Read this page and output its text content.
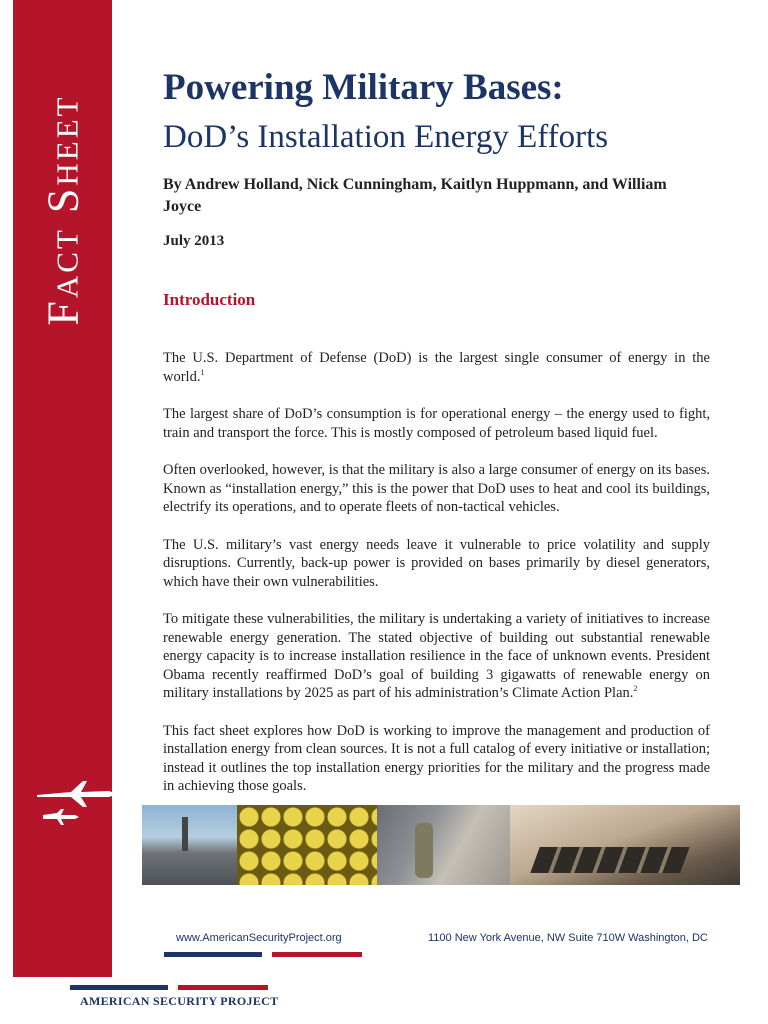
Fact Sheet
Powering Military Bases:
DoD’s Installation Energy Efforts
By Andrew Holland, Nick Cunningham, Kaitlyn Huppmann, and William Joyce
July 2013
Introduction

The U.S. Department of Defense (DoD) is the largest single consumer of energy in the world.$^1$

The largest share of DoD’s consumption is for operational energy – the energy used to fight, train and transport the force. This is mostly composed of petroleum based liquid fuel.

Often overlooked, however, is that the military is also a large consumer of energy on its bases. Known as “installation energy,” this is the power that DoD uses to heat and cool its buildings, electrify its operations, and to operate fleets of non-tactical vehicles.

The U.S. military’s vast energy needs leave it vulnerable to price volatility and supply disruptions. Currently, back-up power is provided on bases primarily by diesel generators, which have their own vulnerabilities.

To mitigate these vulnerabilities, the military is undertaking a variety of initiatives to increase renewable energy generation. The stated objective of building out substantial renewable energy capacity is to increase installation resilience in the face of unknown events. President Obama recently reaffirmed DoD’s goal of building 3 gigawatts of renewable energy on military installations by 2025 as part of his administration’s Climate Action Plan.$^2$

This fact sheet explores how DoD is working to improve the management and production of installation energy from clean sources. It is not a full catalog of every initiative or installation; instead it outlines the top installation energy priorities for the military and the progress made in achieving those goals.

www.AmericanSecurityProject.org	1100 New York Avenue, NW Suite 710W Washington, DC
AMERICAN SECURITY PROJECT
